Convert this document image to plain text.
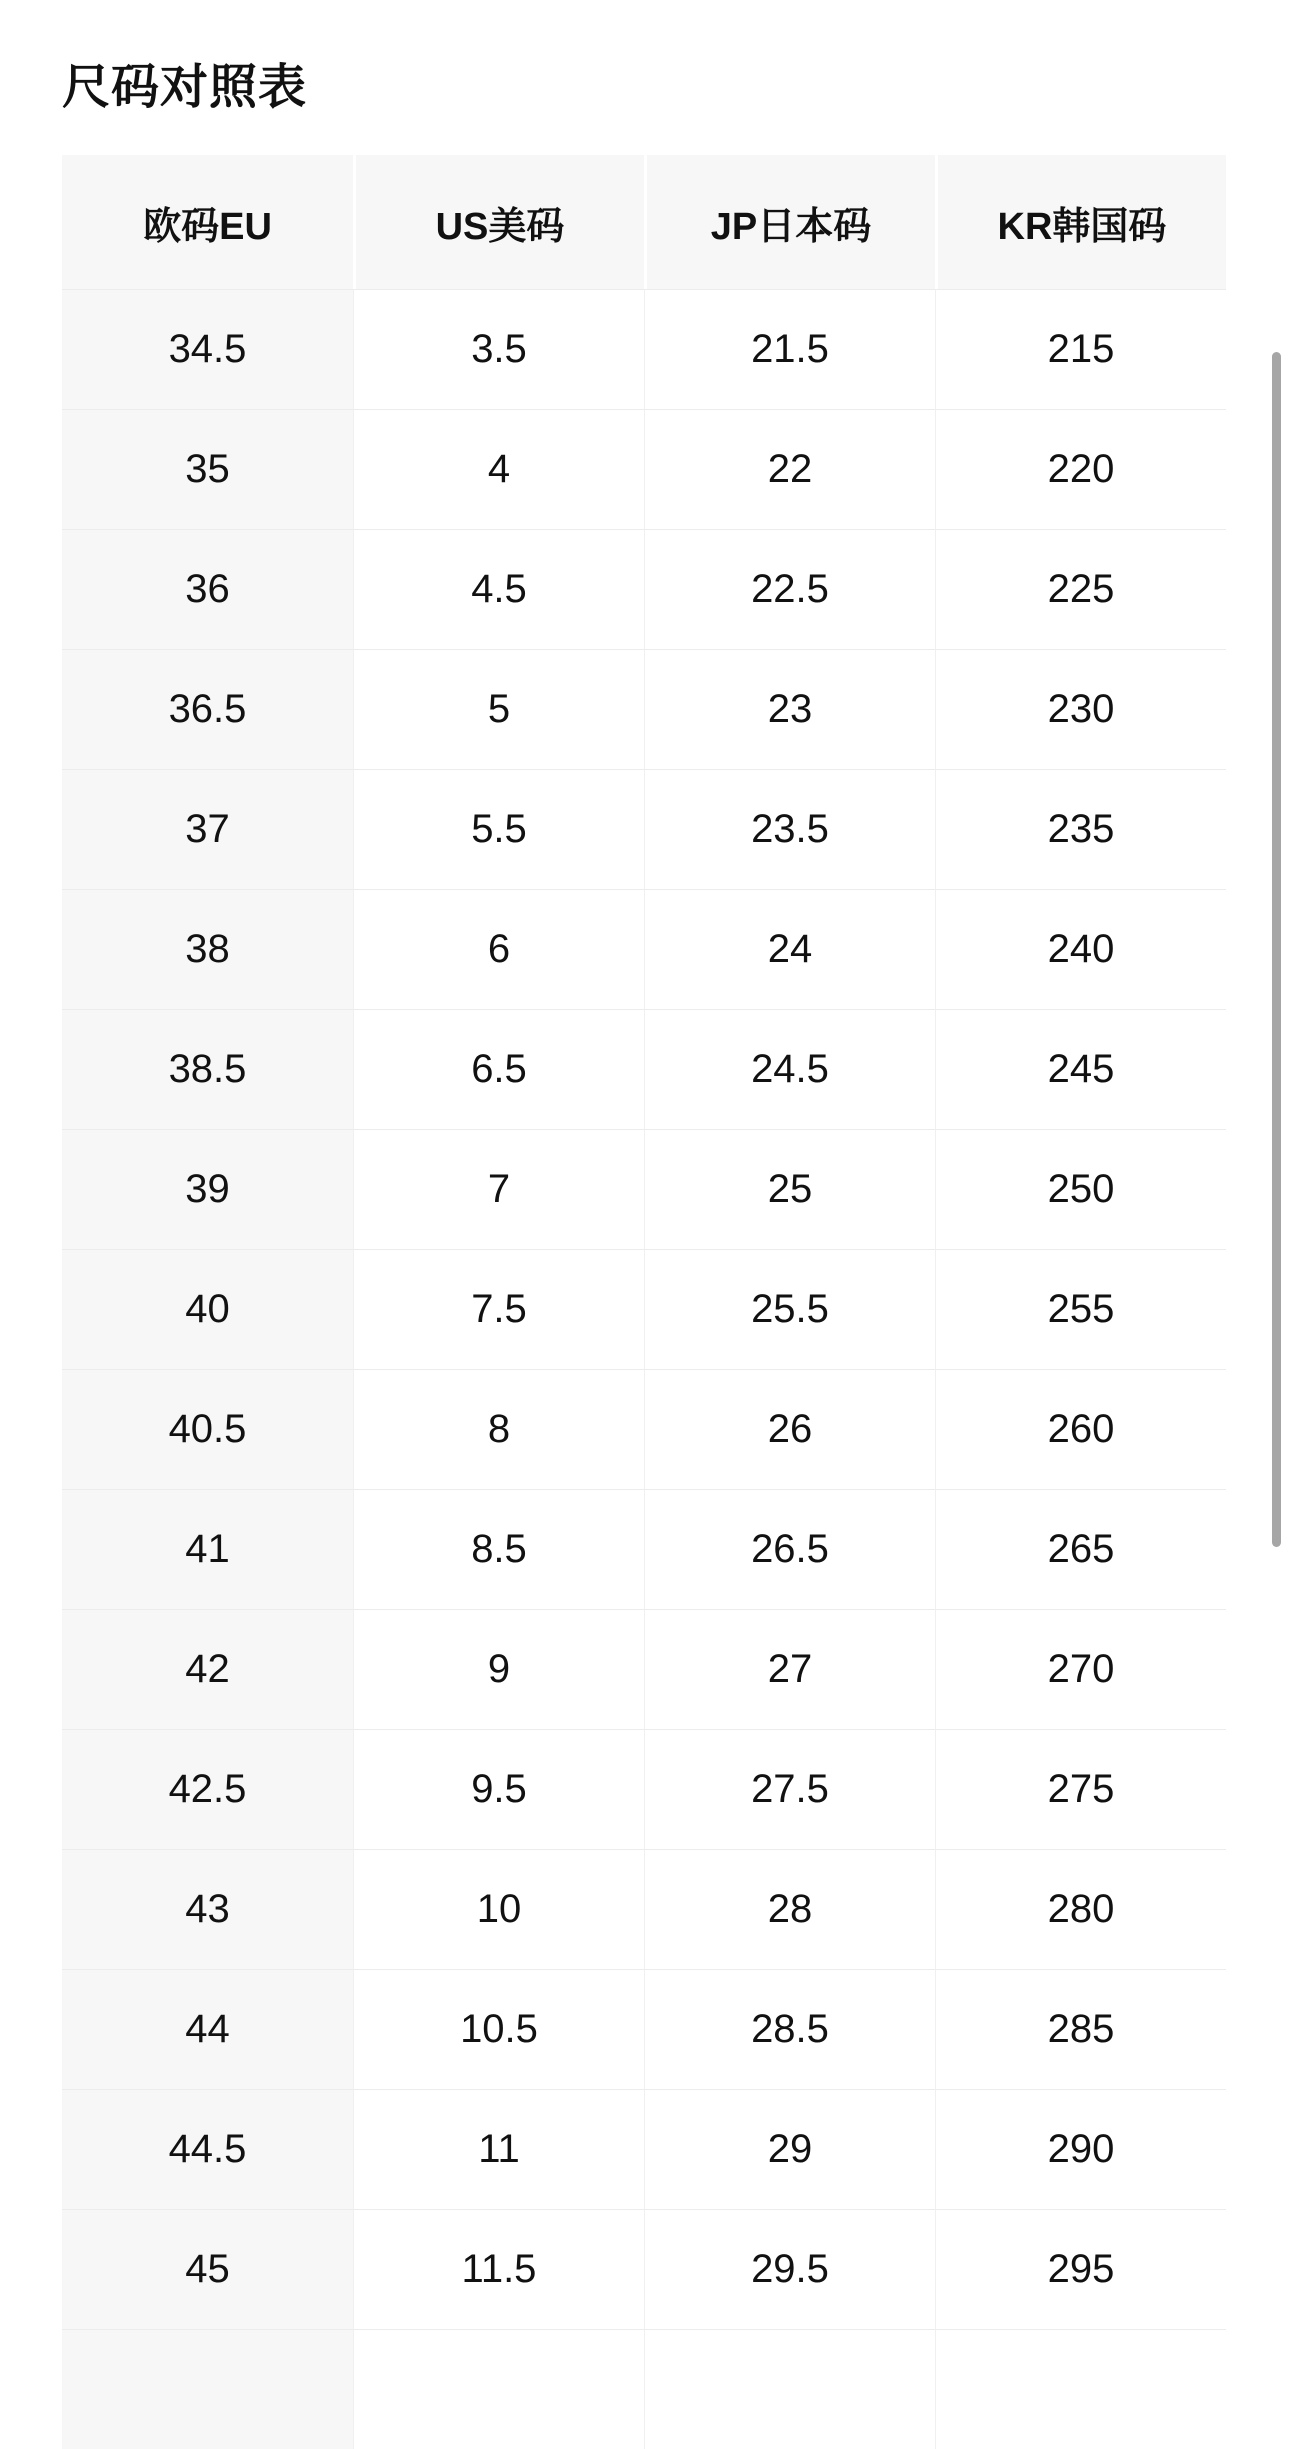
尺码对照表
欧码EU	US美码	JP日本码	KR韩国码
34.5	3.5	21.5	215
35	4	22	220
36	4.5	22.5	225
36.5	5	23	230
37	5.5	23.5	235
38	6	24	240
38.5	6.5	24.5	245
39	7	25	250
40	7.5	25.5	255
40.5	8	26	260
41	8.5	26.5	265
42	9	27	270
42.5	9.5	27.5	275
43	10	28	280
44	10.5	28.5	285
44.5	11	29	290
45	11.5	29.5	295
